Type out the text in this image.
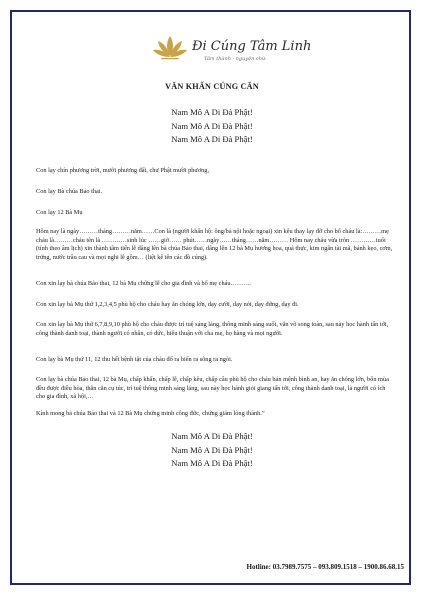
Đi Cúng Tâm Linh
Tâm thành · nguyện chứ
VĂN KHẤN CÚNG CĂN
Nam Mô A Di Đà Phật!
Nam Mô A Di Đà Phật!
Nam Mô A Di Đà Phật!

Con lạy chín phương trời, mười phương đất, chư Phật mười phương,

Con lạy Bà chúa Bảo thai.

Con lạy 12 Bà Mụ

Hôm nay là ngày………tháng………năm……Con là (người khấn hộ: ông/bà nội hoặc ngoại) xin kêu thay lạy đỡ cho bố cháu là:………mẹ cháu là………cháu tên là …………sinh lúc ……giờ…… phút……ngày……tháng……năm……… Hôm nay cháu vừa tròn …………tuổi (tính theo âm lịch) xin thành tâm tiến lễ dâng lên bà chúa Bảo thai, dâng lên 12 bà Mụ hương hoa, quả thực, kim ngân tài mã, bánh kẹo, cơm, trứng, nước trầu cau và mọi nghi lễ gồm… (liệt kê tên các đồ cúng).

Con xin lạy bà chúa Bảo thai, 12 bà Mụ chứng lễ cho gia đình và bố mẹ cháu……….

Con xin lạy bà Mụ thứ 1,2,3,4,5 phù hộ cho cháu hay ăn chóng lớn, dạy cười, dạy nói, dạy đứng, dạy đi.

Con xin lạy bà Mụ thứ 6,7,8,9,10 phù hộ cho cháu được trí tuệ sáng láng, thông minh sáng suốt, văn võ song toàn, sau này học hành tấn tới, công thành danh toại, thành người có nhân, có đức, hiếu thuận với cha mẹ, họ hàng và mọi người.

Con lạy bà Mụ thứ 11, 12 thu hết bệnh tật của cháu đổ ra biển ra sông ra ngòi.

Con lạy bà chúa Bảo thai, 12 bà Mụ, chấp khấn, chấp lễ, chấp kêu, chấp cầu phù hộ cho cháu bản mệnh bình an, hay ăn chóng lớn, bốn mùa đều được điều hòa, thân căn cụ túc, trí tuệ thông minh sáng láng, sau này học hành giỏi giang tấn tới, công thành danh toại, là người có ích cho gia đình, xã hội,…

Kính mong bà chúa Bảo thai và 12 Bà Mụ chứng minh công đức, chứng giám lòng thành.”

Nam Mô A Di Đà Phật!
Nam Mô A Di Đà Phật!
Nam Mô A Di Đà Phật!
Hotline: 03.7989.7575 – 093.809.1518 – 1900.86.68.15
